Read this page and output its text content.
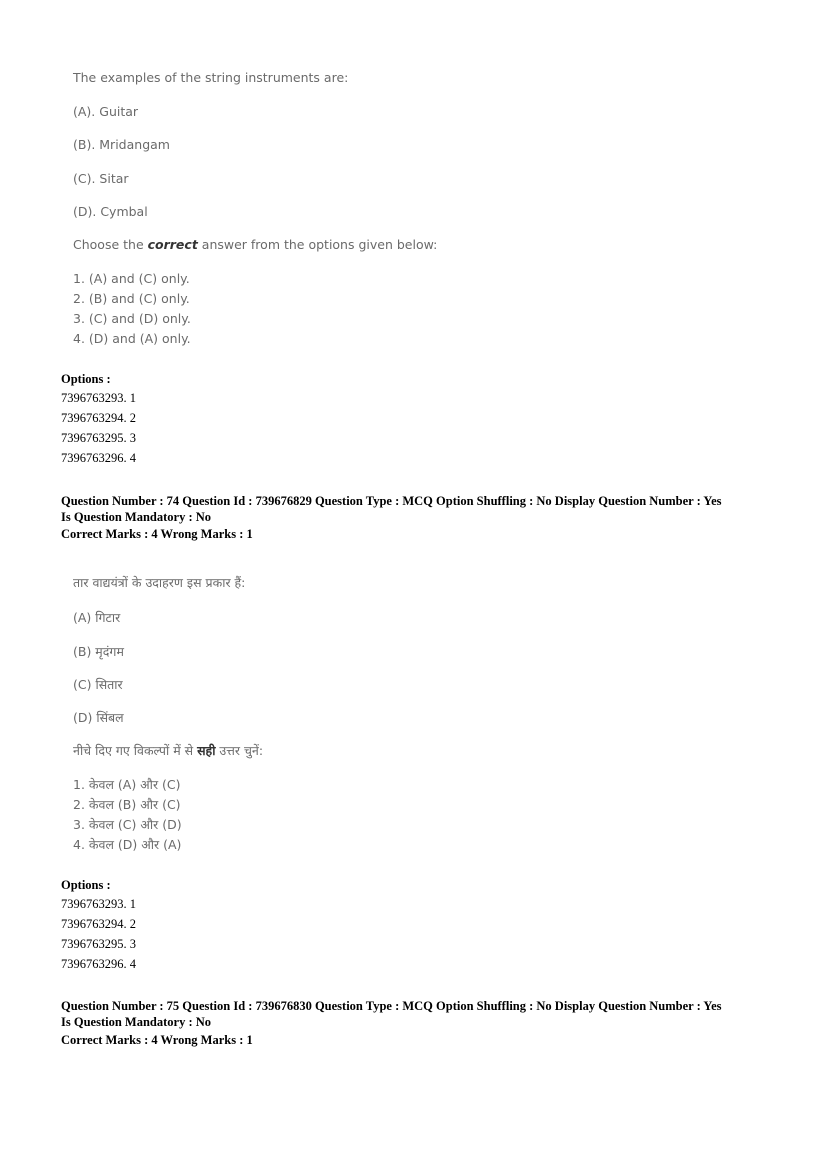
The examples of the string instruments are:
(A). Guitar
(B). Mridangam
(C). Sitar
(D). Cymbal
Choose the correct answer from the options given below:
1. (A) and (C) only.
2. (B) and (C) only.
3. (C) and (D) only.
4. (D) and (A) only.
Options :
7396763293. 1
7396763294. 2
7396763295. 3
7396763296. 4
Question Number : 74 Question Id : 739676829 Question Type : MCQ Option Shuffling : No Display Question Number : Yes
Is Question Mandatory : No
Correct Marks : 4 Wrong Marks : 1
तार वाद्ययंत्रों के उदाहरण इस प्रकार हैं:
(A) गिटार
(B) मृदंगम
(C) सितार
(D) सिंबल
नीचे दिए गए विकल्पों में से सही उत्तर चुनें:
1. केवल (A) और (C)
2. केवल (B) और (C)
3. केवल (C) और (D)
4. केवल (D) और (A)
Options :
7396763293. 1
7396763294. 2
7396763295. 3
7396763296. 4
Question Number : 75 Question Id : 739676830 Question Type : MCQ Option Shuffling : No Display Question Number : Yes
Is Question Mandatory : No
Correct Marks : 4 Wrong Marks : 1
